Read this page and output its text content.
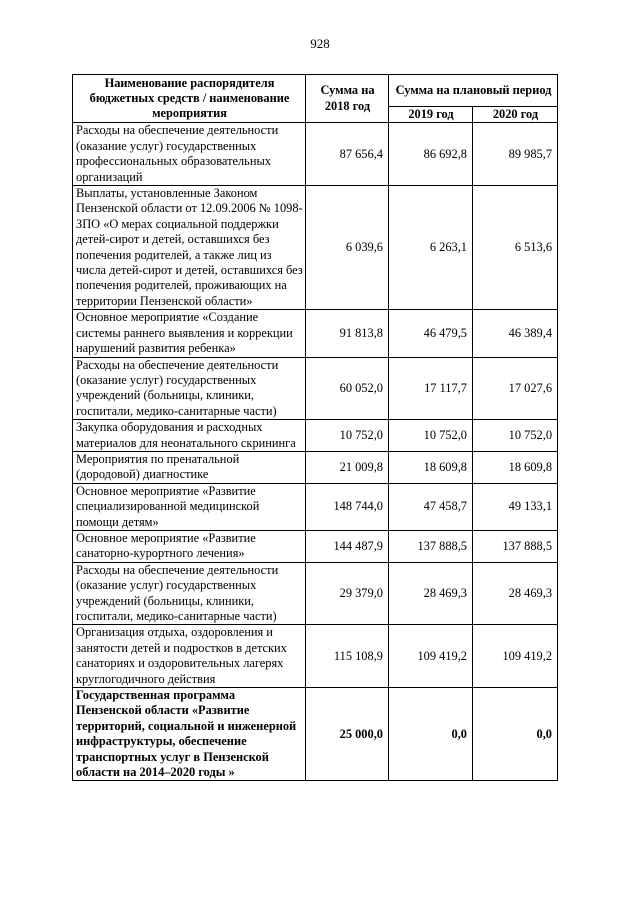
928
Наименование распорядителя бюджетных средств / наименование мероприятия	Сумма на 2018 год	Сумма на плановый период	
		2019 год	2020 год
Расходы на обеспечение деятельности (оказание услуг) государственных профессиональных образовательных организаций	87 656,4	86 692,8	89 985,7
Выплаты, установленные Законом Пензенской области от 12.09.2006 № 1098-ЗПО «О мерах социальной поддержки детей-сирот и детей, оставшихся без попечения родителей, а также лиц из числа детей-сирот и детей, оставшихся без попечения родителей, проживающих на территории Пензенской области»	6 039,6	6 263,1	6 513,6
Основное мероприятие «Создание системы раннего выявления и коррекции нарушений развития ребенка»	91 813,8	46 479,5	46 389,4
Расходы на обеспечение деятельности (оказание услуг) государственных учреждений (больницы, клиники, госпитали, медико-санитарные части)	60 052,0	17 117,7	17 027,6
Закупка оборудования и расходных материалов для неонатального скрининга	10 752,0	10 752,0	10 752,0
Мероприятия по пренатальной (дородовой) диагностике	21 009,8	18 609,8	18 609,8
Основное мероприятие «Развитие специализированной медицинской помощи детям»	148 744,0	47 458,7	49 133,1
Основное мероприятие «Развитие санаторно-курортного лечения»	144 487,9	137 888,5	137 888,5
Расходы на обеспечение деятельности (оказание услуг) государственных учреждений (больницы, клиники, госпитали, медико-санитарные части)	29 379,0	28 469,3	28 469,3
Организация отдыха, оздоровления и занятости детей и подростков в детских санаториях и оздоровительных лагерях круглогодичного действия	115 108,9	109 419,2	109 419,2
Государственная программа Пензенской области «Развитие территорий, социальной и инженерной инфраструктуры, обеспечение транспортных услуг в Пензенской области на 2014–2020 годы »	25 000,0	0,0	0,0
